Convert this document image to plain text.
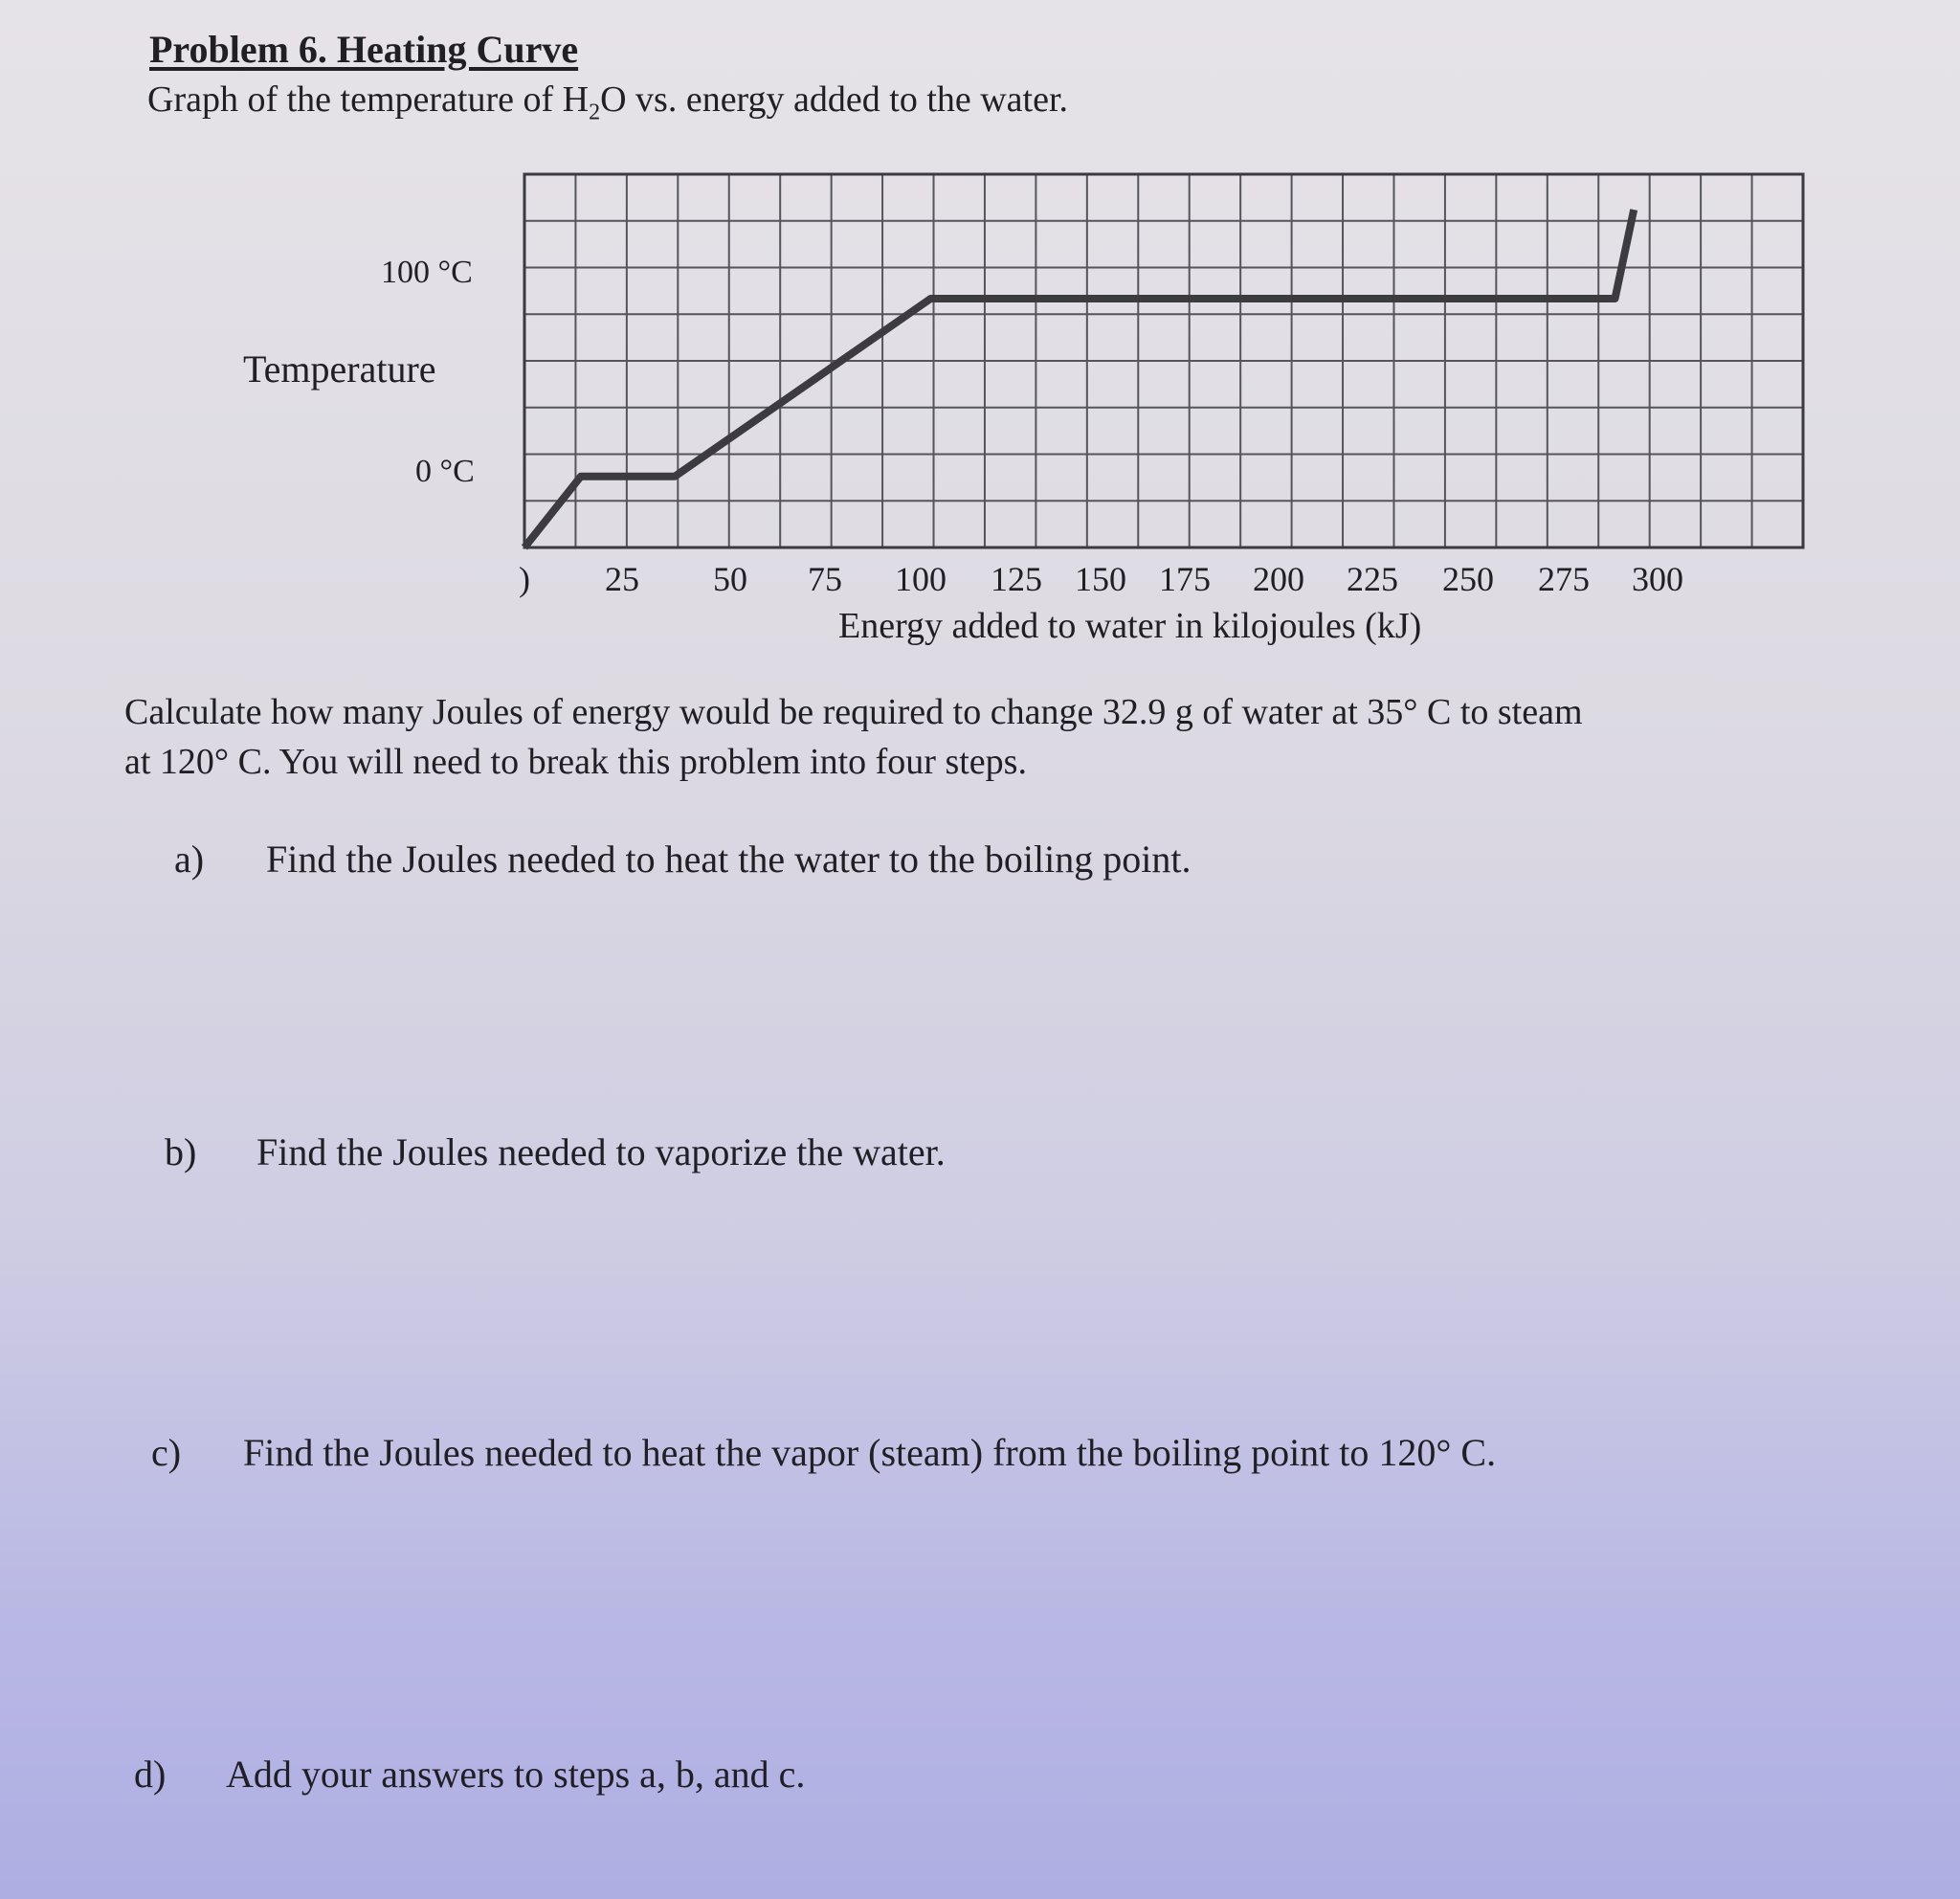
Problem 6. Heating Curve
Graph of the temperature of $H_2O$ vs. energy added to the water.
100 °C
Temperature
0 °C
) 25 50 75 100 125 150 175 200 225 250 275 300
Energy added to water in kilojoules (kJ)
Calculate how many Joules of energy would be required to change 32.9 g of water at 35° C to steam
at 120° C. You will need to break this problem into four steps.
a) Find the Joules needed to heat the water to the boiling point.
b) Find the Joules needed to vaporize the water.
c) Find the Joules needed to heat the vapor (steam) from the boiling point to 120° C.
d) Add your answers to steps a, b, and c.
